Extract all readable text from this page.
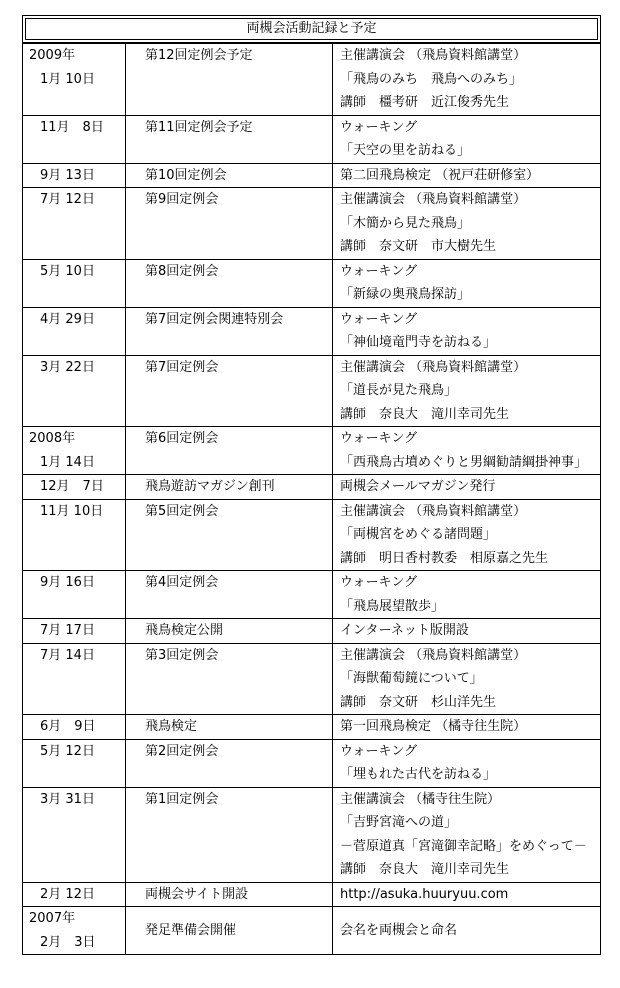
両槻会活動記録と予定
2009年
1月 10日	第12回定例会予定	主催講演会 （飛鳥資料館講堂）
「飛鳥のみち　飛鳥へのみち」
講師　橿考研　近江俊秀先生

11月　8日	第11回定例会予定	ウォーキング
「天空の里を訪ねる」

9月 13日	第10回定例会	第二回飛鳥検定 （祝戸荘研修室）

7月 12日	第9回定例会	主催講演会 （飛鳥資料館講堂）
「木簡から見た飛鳥」
講師　奈文研　市大樹先生

5月 10日	第8回定例会	ウォーキング
「新緑の奥飛鳥探訪」

4月 29日	第7回定例会関連特別会	ウォーキング
「神仙境竜門寺を訪ねる」

3月 22日	第7回定例会	主催講演会 （飛鳥資料館講堂）
「道長が見た飛鳥」
講師　奈良大　滝川幸司先生

2008年
1月 14日	第6回定例会	ウォーキング
「西飛鳥古墳めぐりと男綱勧請綱掛神事」

12月　7日	飛鳥遊訪マガジン創刊	両槻会メールマガジン発行

11月 10日	第5回定例会	主催講演会 （飛鳥資料館講堂）
「両槻宮をめぐる諸問題」
講師　明日香村教委　相原嘉之先生

9月 16日	第4回定例会	ウォーキング
「飛鳥展望散歩」

7月 17日	飛鳥検定公開	インターネット版開設

7月 14日	第3回定例会	主催講演会 （飛鳥資料館講堂）
「海獣葡萄鏡について」
講師　奈文研　杉山洋先生

6月　9日	飛鳥検定	第一回飛鳥検定 （橘寺往生院）

5月 12日	第2回定例会	ウォーキング
「埋もれた古代を訪ねる」

3月 31日	第1回定例会	主催講演会 （橘寺往生院）
「吉野宮滝への道」
－菅原道真「宮滝御幸記略」をめぐって－
講師　奈良大　滝川幸司先生

2月 12日	両槻会サイト開設	http://asuka.huuryuu.com

2007年
2月　3日	発足準備会開催	会名を両槻会と命名
